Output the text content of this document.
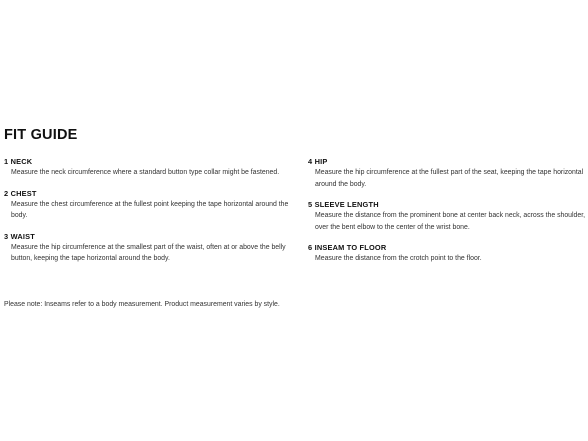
FIT GUIDE
1 NECK
Measure the neck circumference where a standard button type collar might be fastened.
2 CHEST
Measure the chest circumference at the fullest point keeping the tape horizontal around the body.
3 WAIST
Measure the hip circumference at the smallest part of the waist, often at or above the belly button, keeping the tape horizontal around the body.
4 HIP
Measure the hip circumference at the fullest part of the seat, keeping the tape horizontal around the body.
5 SLEEVE LENGTH
Measure the distance from the prominent bone at center back neck, across the shoulder, over the bent elbow to the center of the wrist bone.
6 INSEAM TO FLOOR
Measure the distance from the crotch point to the floor.
Please note: Inseams refer to a body measurement. Product measurement varies by style.
